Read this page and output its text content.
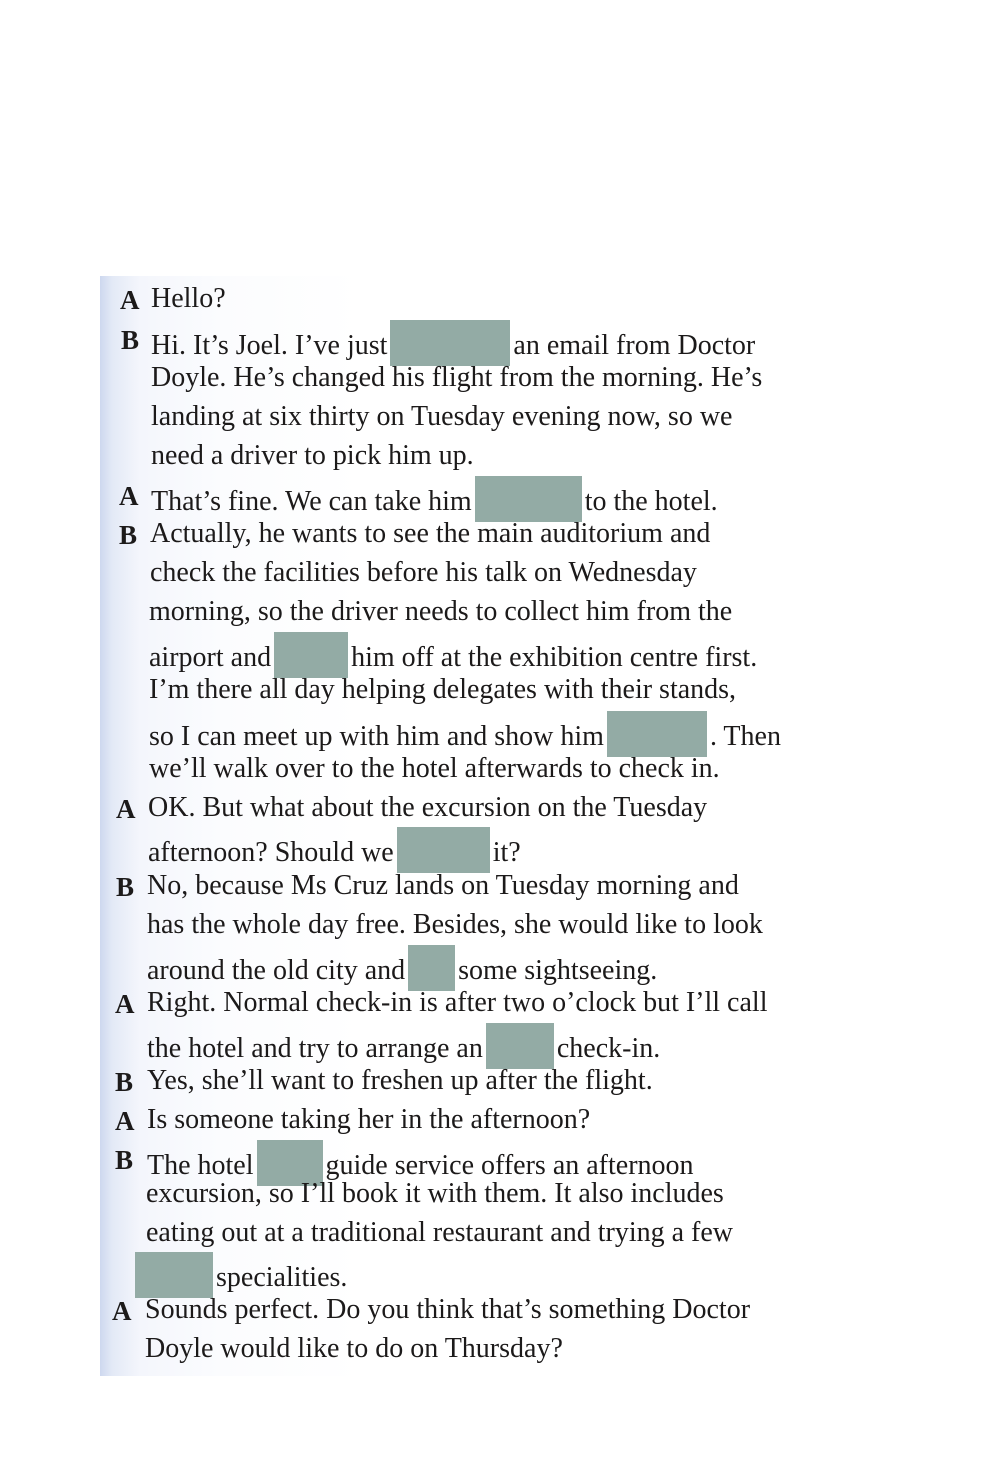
A Hello?
B Hi. It’s Joel. I’ve just	an email from Doctor
Doyle. He’s changed his flight from the morning. He’s
landing at six thirty on Tuesday evening now, so we
need a driver to pick him up.
A That’s fine. We can take him	to the hotel.
B Actually, he wants to see the main auditorium and
check the facilities before his talk on Wednesday
morning, so the driver needs to collect him from the
airport and	him off at the exhibition centre first.
I’m there all day helping delegates with their stands,
so I can meet up with him and show him	. Then
we’ll walk over to the hotel afterwards to check in.
A OK. But what about the excursion on the Tuesday
afternoon? Should we	it?
B No, because Ms Cruz lands on Tuesday morning and
has the whole day free. Besides, she would like to look
around the old city and some sightseeing.
A Right. Normal check-in is after two o’clock but I’ll call
the hotel and try to arrange an	check-in.
B Yes, she’ll want to freshen up after the flight.
A Is someone taking her in the afternoon?
B The hotel	guide service offers an afternoon
excursion, so I’ll book it with them. It also includes
eating out at a traditional restaurant and trying a few
specialities.
A Sounds perfect. Do you think that’s something Doctor
Doyle would like to do on Thursday?
